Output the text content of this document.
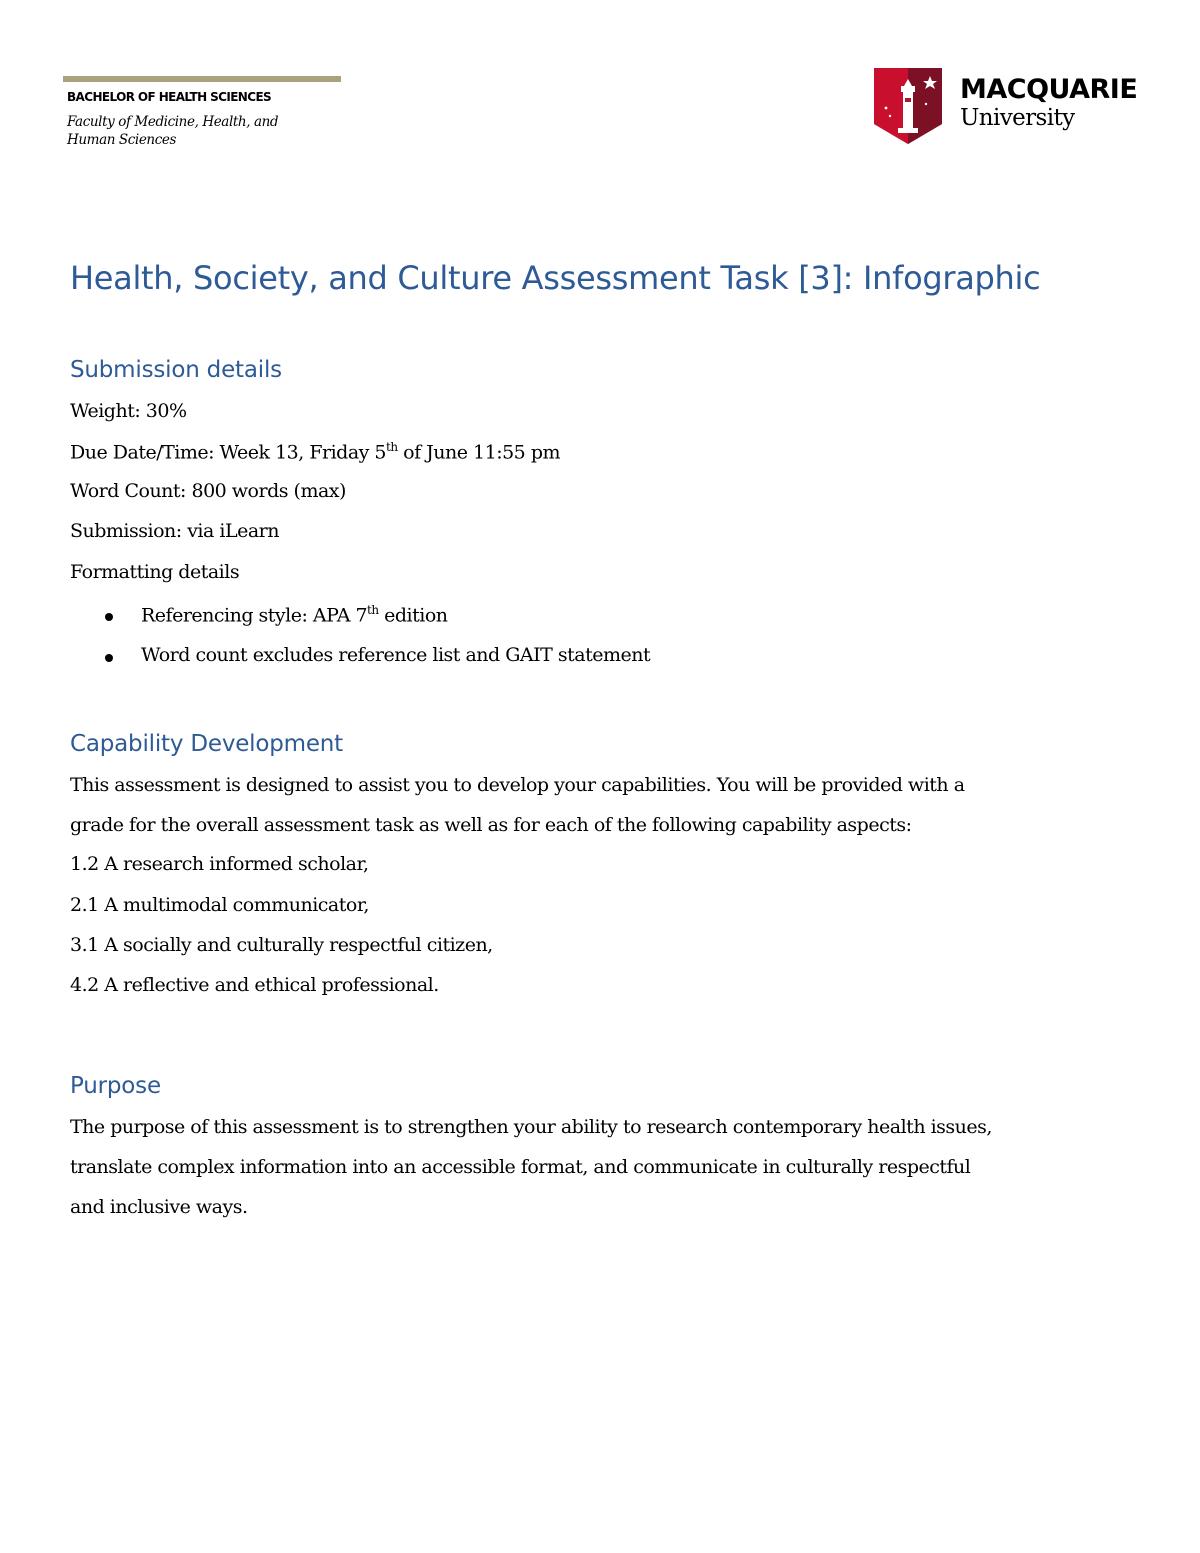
BACHELOR OF HEALTH SCIENCES
Faculty of Medicine, Health, and Human Sciences
MACQUARIE
University
Health, Society, and Culture Assessment Task [3]: Infographic
Submission details
Weight: 30%
Due Date/Time: Week 13, Friday 5th of June 11:55 pm
Word Count: 800 words (max)
Submission: via iLearn
Formatting details
Referencing style: APA 7th edition
Word count excludes reference list and GAIT statement
Capability Development
This assessment is designed to assist you to develop your capabilities. You will be provided with a
grade for the overall assessment task as well as for each of the following capability aspects:
1.2 A research informed scholar,
2.1 A multimodal communicator,
3.1 A socially and culturally respectful citizen,
4.2 A reflective and ethical professional.
Purpose
The purpose of this assessment is to strengthen your ability to research contemporary health issues,
translate complex information into an accessible format, and communicate in culturally respectful
and inclusive ways.
